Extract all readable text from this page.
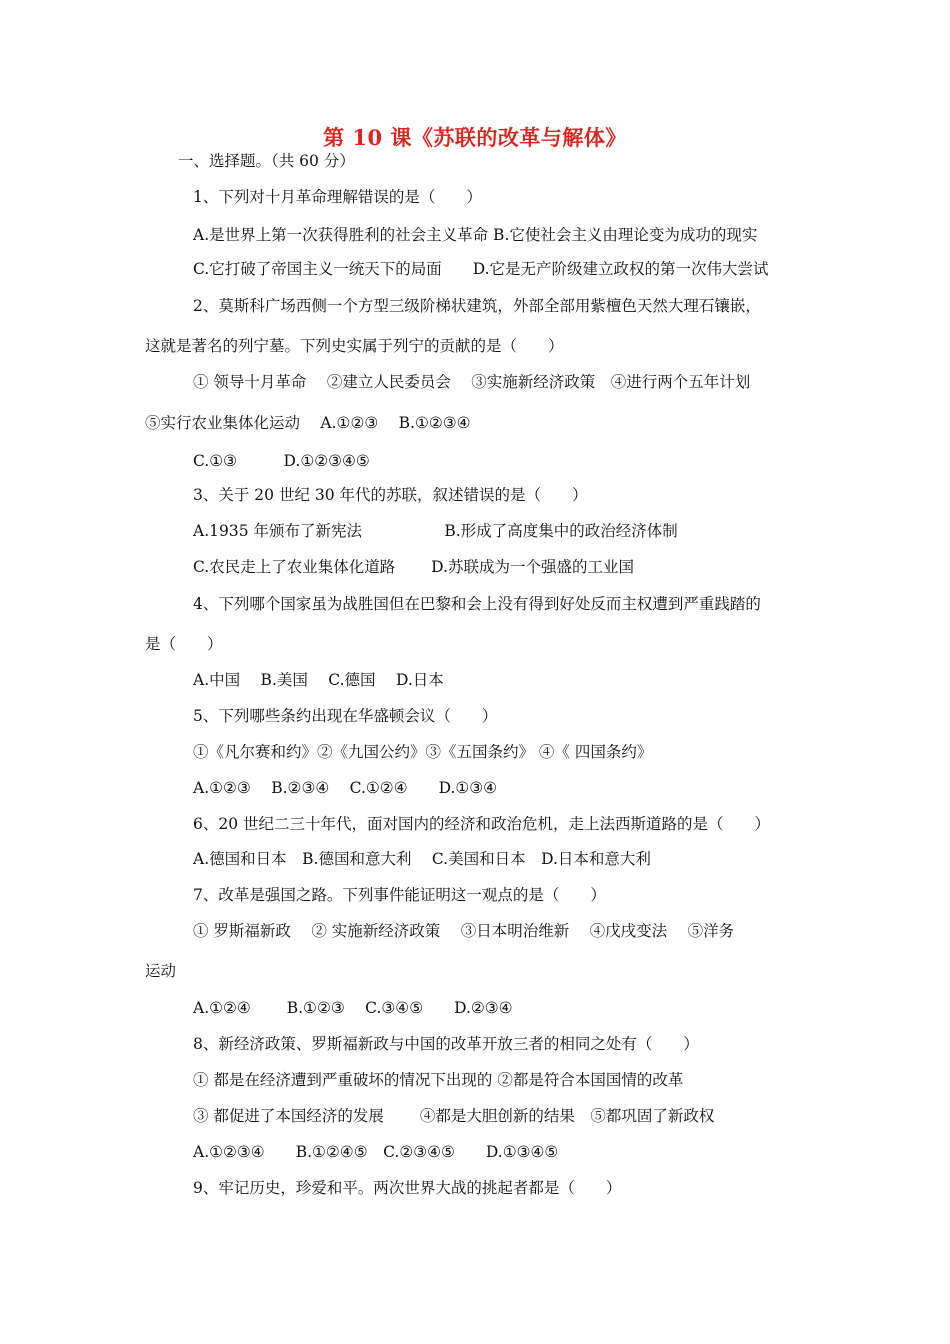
第 10 课《苏联的改革与解体》
一、选择题。（共 60 分）
1、下列对十月革命理解错误的是（　　）
A.是世界上第一次获得胜利的社会主义革命 B.它使社会主义由理论变为成功的现实
C.它打破了帝国主义一统天下的局面　　D.它是无产阶级建立政权的第一次伟大尝试
2、莫斯科广场西侧一个方型三级阶梯状建筑，外部全部用紫檀色天然大理石镶嵌，
这就是著名的列宁墓。下列史实属于列宁的贡献的是（　　）
① 领导十月革命　 ②建立人民委员会　 ③实施新经济政策　④进行两个五年计划
⑤实行农业集体化运动　 A.①②③　 B.①②③④
C.①③　　　D.①②③④⑤
3、关于 20 世纪 30 年代的苏联，叙述错误的是（　　）
A.1935 年颁布了新宪法　　　　　 B.形成了高度集中的政治经济体制
C.农民走上了农业集体化道路　　 D.苏联成为一个强盛的工业国
4、下列哪个国家虽为战胜国但在巴黎和会上没有得到好处反而主权遭到严重践踏的
是（　　）
A.中国　 B.美国　 C.德国　 D.日本
5、下列哪些条约出现在华盛顿会议（　　）
①《凡尔赛和约》②《九国公约》③《五国条约》 ④《 四国条约》
A.①②③　 B.②③④　 C.①②④　　D.①③④
6、20 世纪二三十年代，面对国内的经济和政治危机，走上法西斯道路的是（　　）
A.德国和日本　B.德国和意大利　 C.美国和日本　D.日本和意大利
7、改革是强国之路。下列事件能证明这一观点的是（　　）
① 罗斯福新政　 ② 实施新经济政策　 ③日本明治维新　 ④戊戌变法　 ⑤洋务
运动
A.①②④　　 B.①②③　 C.③④⑤　　D.②③④
8、新经济政策、罗斯福新政与中国的改革开放三者的相同之处有（　　）
① 都是在经济遭到严重破坏的情况下出现的 ②都是符合本国国情的改革
③ 都促进了本国经济的发展　　 ④都是大胆创新的结果　⑤都巩固了新政权
A.①②③④　　B.①②④⑤　C.②③④⑤　　D.①③④⑤
9、牢记历史，珍爱和平。两次世界大战的挑起者都是（　　）
